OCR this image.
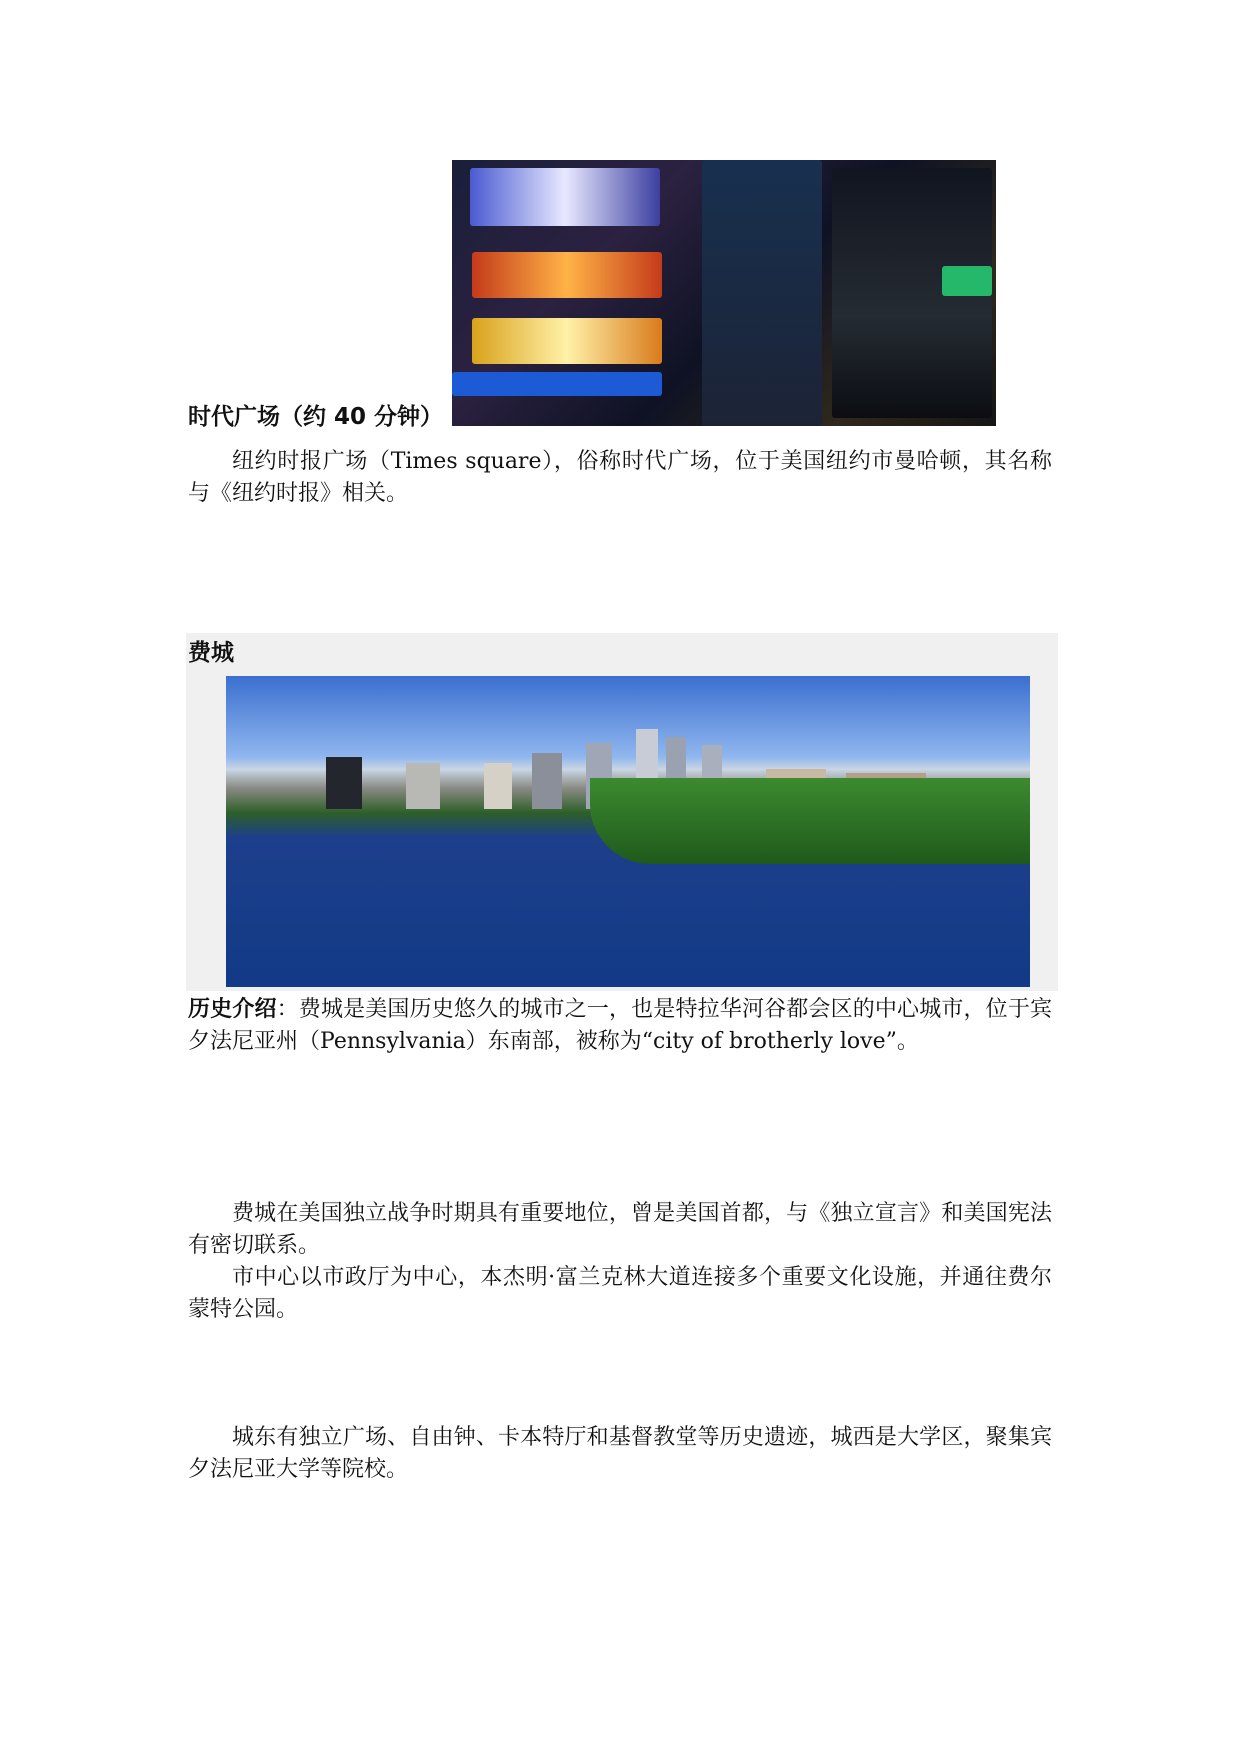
时代广场（约 40 分钟）

纽约时报广场（Times square），俗称时代广场，位于美国纽约市曼哈顿，其名称与《纽约时报》相关。

费城

历史介绍：费城是美国历史悠久的城市之一，也是特拉华河谷都会区的中心城市，位于宾夕法尼亚州（Pennsylvania）东南部，被称为“city of brotherly love”。

费城在美国独立战争时期具有重要地位，曾是美国首都，与《独立宣言》和美国宪法有密切联系。

市中心以市政厅为中心，本杰明·富兰克林大道连接多个重要文化设施，并通往费尔蒙特公园。

城东有独立广场、自由钟、卡本特厅和基督教堂等历史遗迹，城西是大学区，聚集宾夕法尼亚大学等院校。
